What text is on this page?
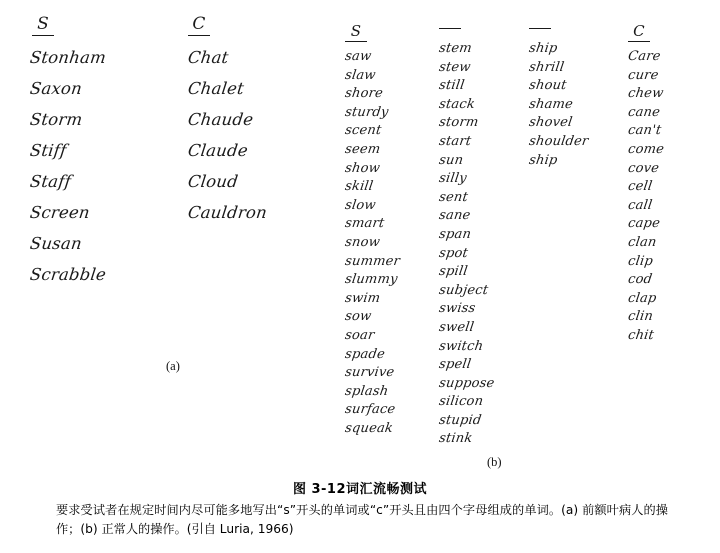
S
Stonham
Saxon
Storm
Stiff
Staff
Screen
Susan
Scrabble
C
Chat
Chalet
Chaude
Claude
Cloud
Cauldron
(a)
S
saw
slaw
shore
sturdy
scent
seem
show
skill
slow
smart
snow
summer
slummy
swim
sow
soar
spade
survive
splash
surface
squeak
stem
stew
still
stack
storm
start
sun
silly
sent
sane
span
spot
spill
subject
swiss
swell
switch
spell
suppose
silicon
stupid
stink
ship
shrill
shout
shame
shovel
shoulder
ship
C
Care
cure
chew
cane
can't
come
cove
cell
call
cape
clan
clip
cod
clap
clin
chit
(b)
图 3-12词汇流畅测试
要求受试者在规定时间内尽可能多地写出“s”开头的单词或“c”开头且由四个字母组成的单词。(a) 前额叶病人的操作；(b) 正常人的操作。(引自 Luria, 1966)
